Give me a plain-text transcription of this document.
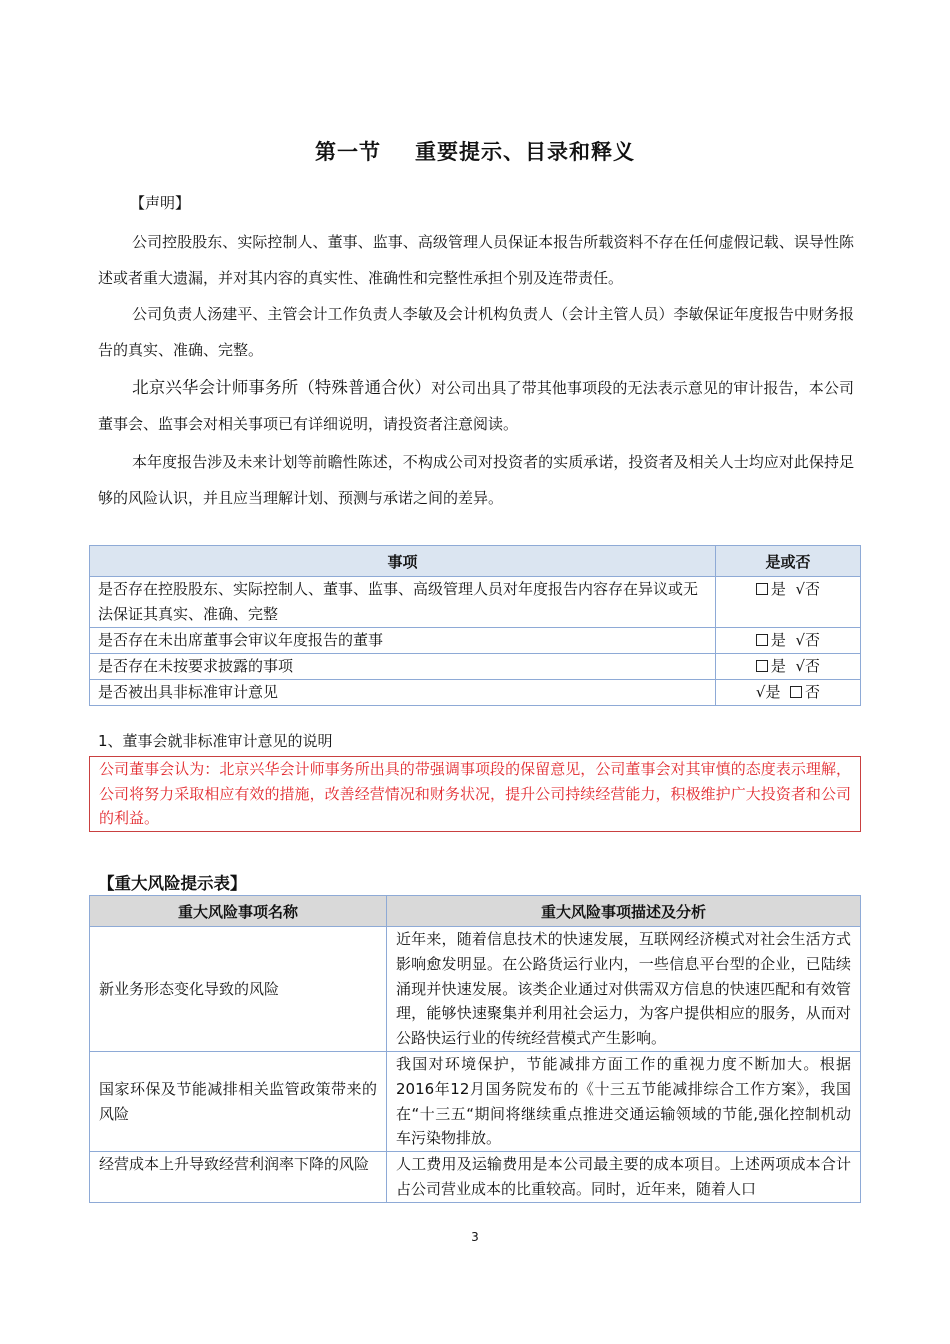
第一节 重要提示、目录和释义
【声明】
公司控股股东、实际控制人、董事、监事、高级管理人员保证本报告所载资料不存在任何虚假记载、误导性陈述或者重大遗漏，并对其内容的真实性、准确性和完整性承担个别及连带责任。
公司负责人汤建平、主管会计工作负责人李敏及会计机构负责人（会计主管人员）李敏保证年度报告中财务报告的真实、准确、完整。
北京兴华会计师事务所（特殊普通合伙）对公司出具了带其他事项段的无法表示意见的审计报告，本公司董事会、监事会对相关事项已有详细说明，请投资者注意阅读。
本年度报告涉及未来计划等前瞻性陈述，不构成公司对投资者的实质承诺，投资者及相关人士均应对此保持足够的风险认识，并且应当理解计划、预测与承诺之间的差异。
事项	是或否
是否存在控股股东、实际控制人、董事、监事、高级管理人员对年度报告内容存在异议或无法保证其真实、准确、完整	是 √否
是否存在未出席董事会审议年度报告的董事	是 √否
是否存在未按要求披露的事项	是 √否
是否被出具非标准审计意见	√是 否
1、董事会就非标准审计意见的说明
公司董事会认为：北京兴华会计师事务所出具的带强调事项段的保留意见，公司董事会对其审慎的态度表示理解，公司将努力采取相应有效的措施，改善经营情况和财务状况，提升公司持续经营能力，积极维护广大投资者和公司的利益。
【重大风险提示表】
重大风险事项名称	重大风险事项描述及分析
新业务形态变化导致的风险	近年来，随着信息技术的快速发展，互联网经济模式对社会生活方式影响愈发明显。在公路货运行业内，一些信息平台型的企业，已陆续涌现并快速发展。该类企业通过对供需双方信息的快速匹配和有效管理，能够快速聚集并利用社会运力，为客户提供相应的服务，从而对公路快运行业的传统经营模式产生影响。
国家环保及节能减排相关监管政策带来的风险	我国对环境保护，节能减排方面工作的重视力度不断加大。根据2016年12月国务院发布的《十三五节能减排综合工作方案》，我国在“十三五“期间将继续重点推进交通运输领域的节能,强化控制机动车污染物排放。
经营成本上升导致经营利润率下降的风险	人工费用及运输费用是本公司最主要的成本项目。上述两项成本合计占公司营业成本的比重较高。同时，近年来，随着人口
3
